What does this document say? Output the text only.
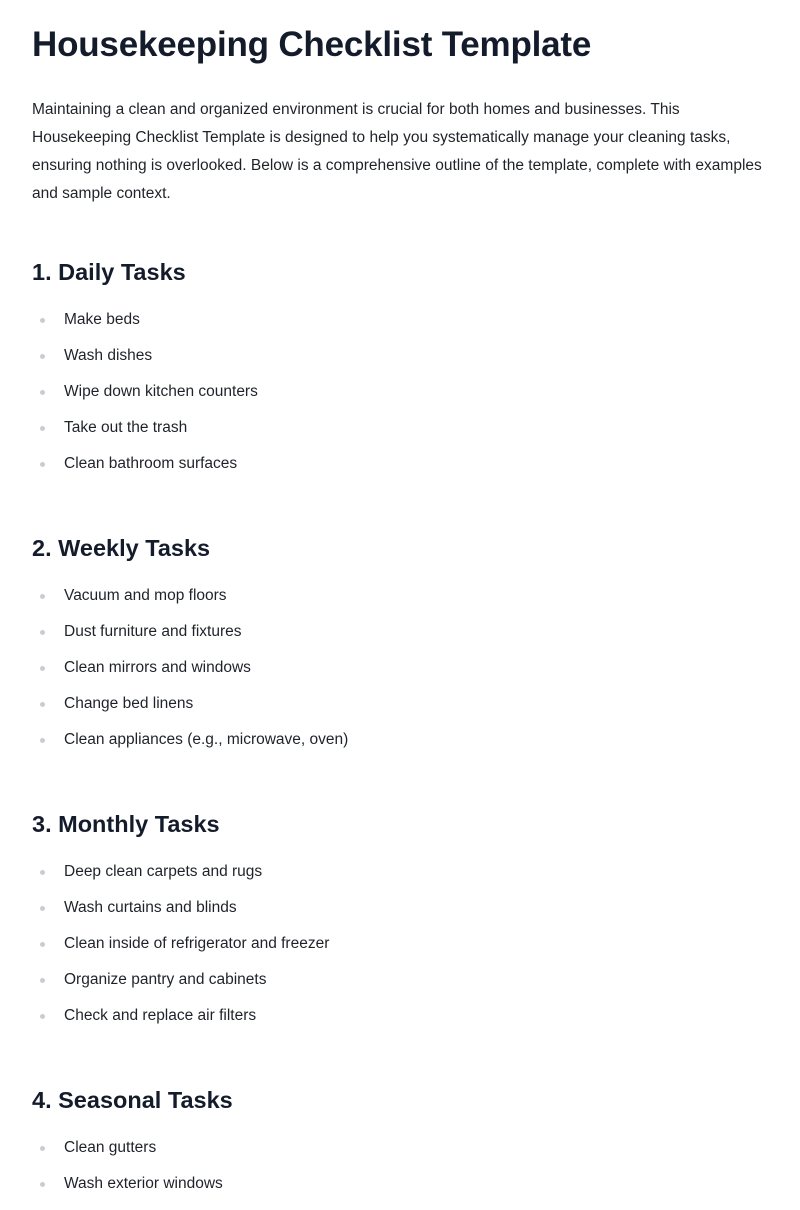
Housekeeping Checklist Template

Maintaining a clean and organized environment is crucial for both homes and businesses. This Housekeeping Checklist Template is designed to help you systematically manage your cleaning tasks, ensuring nothing is overlooked. Below is a comprehensive outline of the template, complete with examples and sample context.

1. Daily Tasks
Make beds
Wash dishes
Wipe down kitchen counters
Take out the trash
Clean bathroom surfaces
2. Weekly Tasks
Vacuum and mop floors
Dust furniture and fixtures
Clean mirrors and windows
Change bed linens
Clean appliances (e.g., microwave, oven)
3. Monthly Tasks
Deep clean carpets and rugs
Wash curtains and blinds
Clean inside of refrigerator and freezer
Organize pantry and cabinets
Check and replace air filters
4. Seasonal Tasks
Clean gutters
Wash exterior windows
